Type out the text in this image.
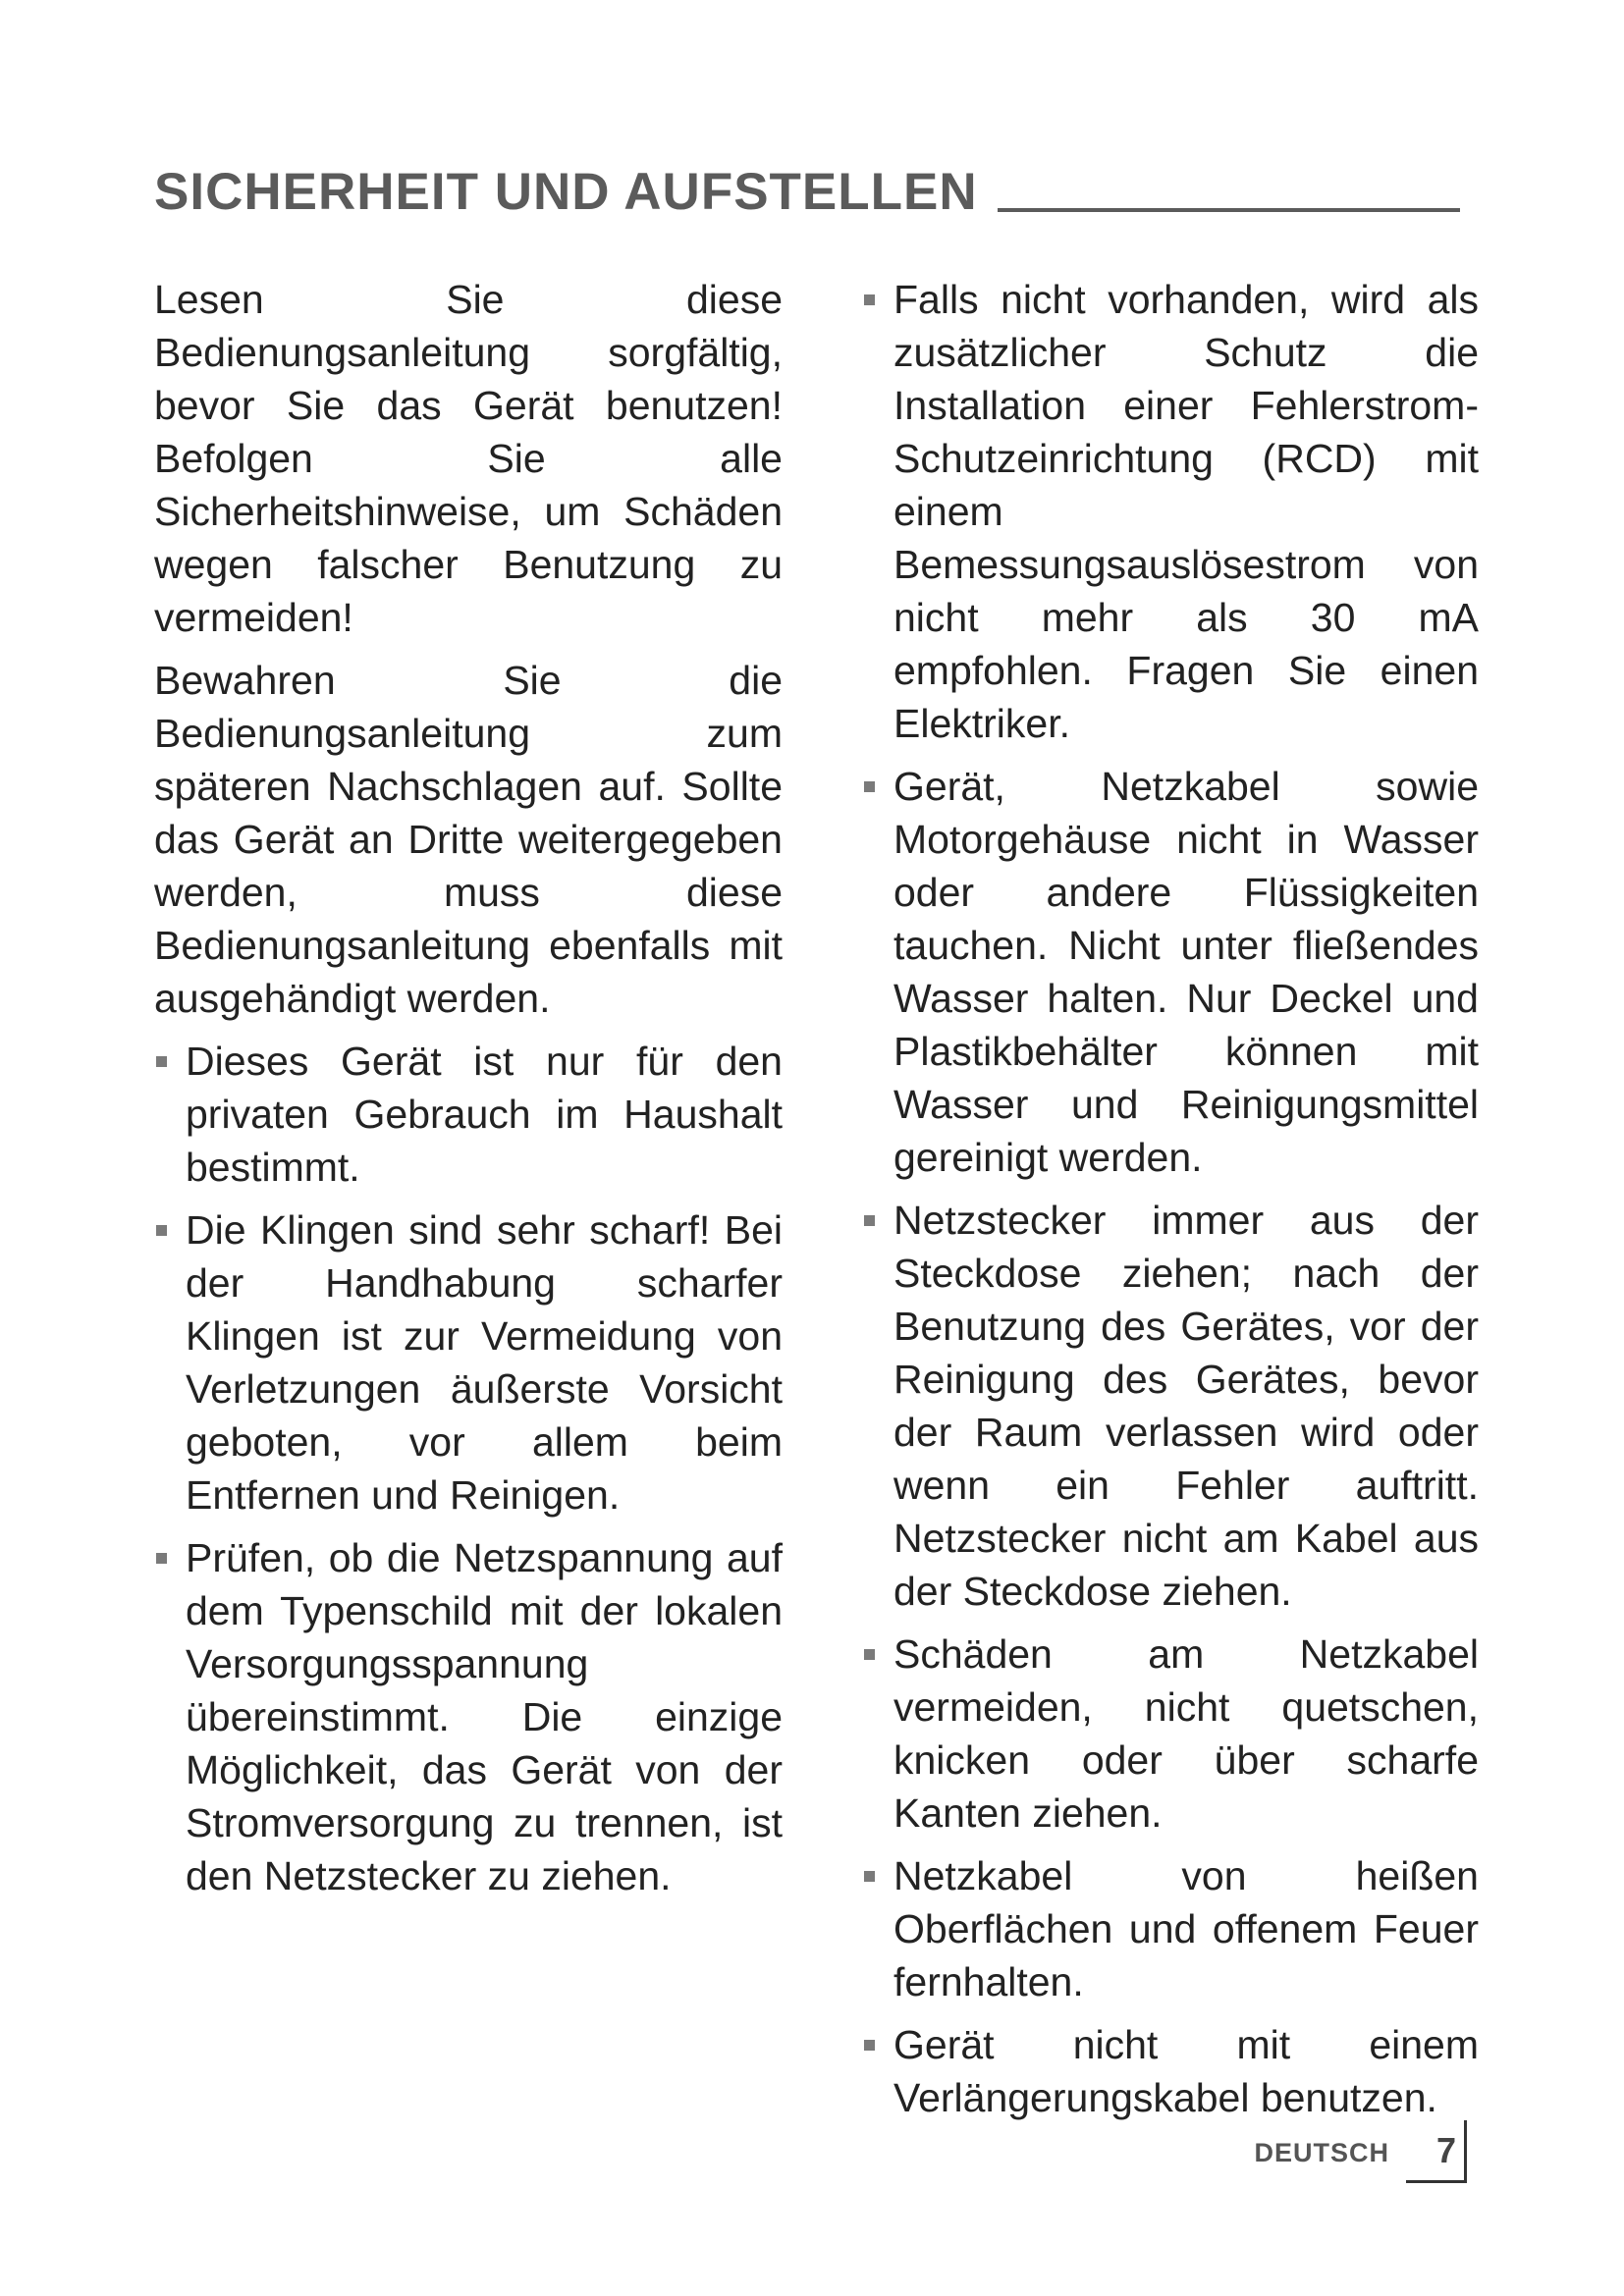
SICHERHEIT UND AUFSTELLEN

Lesen Sie diese Bedienungsanleitung sorgfältig, bevor Sie das Gerät benutzen! Befolgen Sie alle Sicherheitshinweise, um Schäden wegen falscher Benutzung zu vermeiden!

Bewahren Sie die Bedienungsanleitung zum späteren Nachschlagen auf. Sollte das Gerät an Dritte weitergegeben werden, muss diese Bedienungsanleitung ebenfalls mit ausgehändigt werden.

Dieses Gerät ist nur für den privaten Gebrauch im Haushalt bestimmt.
Die Klingen sind sehr scharf! Bei der Handhabung scharfer Klingen ist zur Vermeidung von Verletzungen äußerste Vorsicht geboten, vor allem beim Entfernen und Reinigen.
Prüfen, ob die Netzspannung auf dem Typenschild mit der lokalen Versorgungsspannung übereinstimmt. Die einzige Möglichkeit, das Gerät von der Stromversorgung zu trennen, ist den Netzstecker zu ziehen.
Falls nicht vorhanden, wird als zusätzlicher Schutz die Installation einer Fehlerstrom-Schutzeinrichtung (RCD) mit einem Bemessungsauslösestrom von nicht mehr als 30 mA empfohlen. Fragen Sie einen Elektriker.
Gerät, Netzkabel sowie Motorgehäuse nicht in Wasser oder andere Flüssigkeiten tauchen. Nicht unter fließendes Wasser halten. Nur Deckel und Plastikbehälter können mit Wasser und Reinigungsmittel gereinigt werden.
Netzstecker immer aus der Steckdose ziehen; nach der Benutzung des Gerätes, vor der Reinigung des Gerätes, bevor der Raum verlassen wird oder wenn ein Fehler auftritt. Netzstecker nicht am Kabel aus der Steckdose ziehen.
Schäden am Netzkabel vermeiden, nicht quetschen, knicken oder über scharfe Kanten ziehen.
Netzkabel von heißen Oberflächen und offenem Feuer fernhalten.
Gerät nicht mit einem Verlängerungskabel benutzen.
DEUTSCH 7
